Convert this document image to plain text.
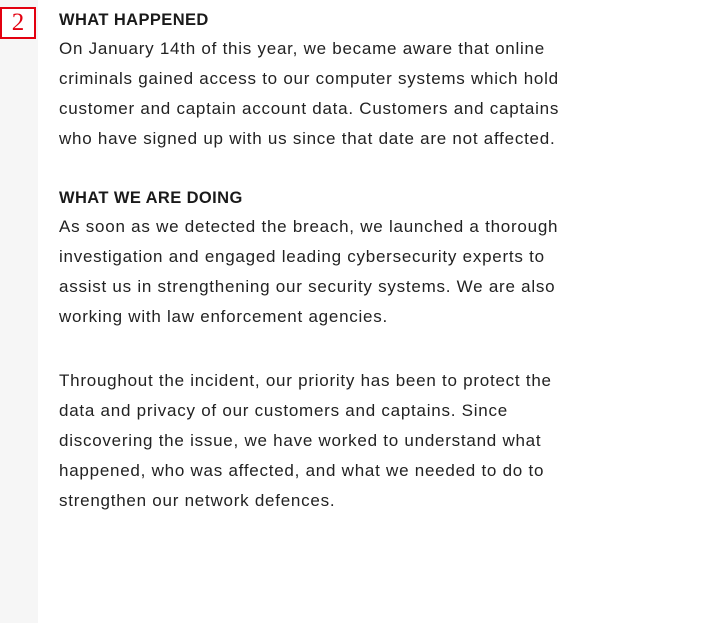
2	WHAT HAPPENED

On January 14th of this year, we became aware that online
criminals gained access to our computer systems which hold
customer and captain account data. Customers and captains
who have signed up with us since that date are not affected.

WHAT WE ARE DOING

As soon as we detected the breach, we launched a thorough
investigation and engaged leading cybersecurity experts to
assist us in strengthening our security systems. We are also
working with law enforcement agencies.

Throughout the incident, our priority has been to protect the
data and privacy of our customers and captains. Since
discovering the issue, we have worked to understand what
happened, who was affected, and what we needed to do to
strengthen our network defences.
